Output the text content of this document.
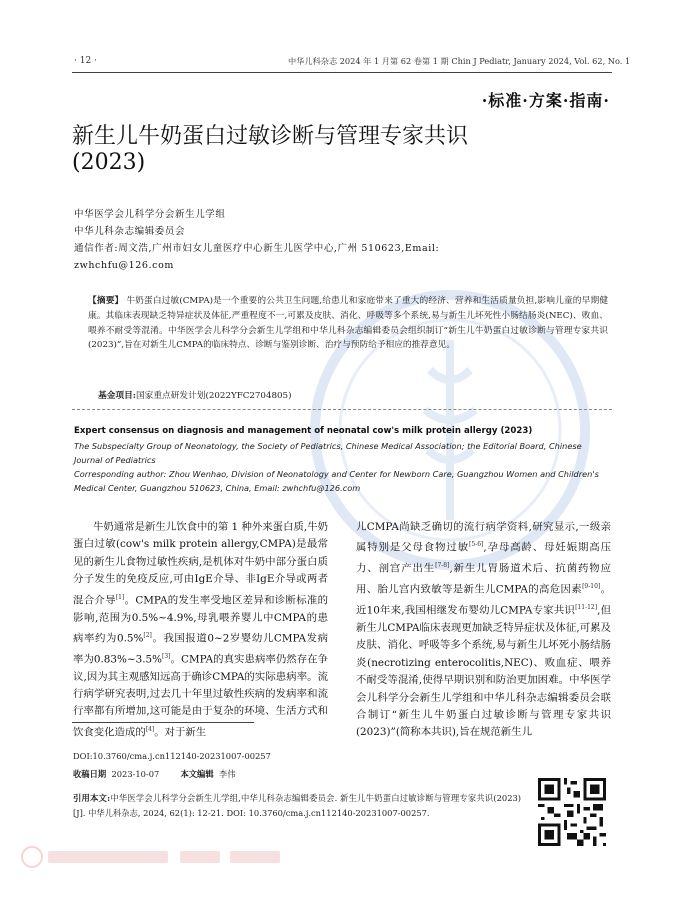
· 12 ·	中华儿科杂志 2024 年 1 月第 62 卷第 1 期 Chin J Pediatr, January 2024, Vol. 62, No. 1
·标准·方案·指南·
新生儿牛奶蛋白过敏诊断与管理专家共识
(2023)
中华医学会儿科学分会新生儿学组
中华儿科杂志编辑委员会
通信作者:周文浩,广州市妇女儿童医疗中心新生儿医学中心,广州 510623,Email:
zwhchfu@126.com
【摘要】 牛奶蛋白过敏(CMPA)是一个重要的公共卫生问题,给患儿和家庭带来了重大的经济、营养和生活质量负担,影响儿童的早期健康。其临床表现缺乏特异症状及体征,严重程度不一,可累及皮肤、消化、呼吸等多个系统,易与新生儿坏死性小肠结肠炎(NEC)、败血、喂养不耐受等混淆。中华医学会儿科学分会新生儿学组和中华儿科杂志编辑委员会组织制订“新生儿牛奶蛋白过敏诊断与管理专家共识(2023)”,旨在对新生儿CMPA的临床特点、诊断与鉴别诊断、治疗与预防给予相应的推荐意见。
基金项目:国家重点研发计划(2022YFC2704805)
Expert consensus on diagnosis and management of neonatal cow's milk protein allergy (2023)
The Subspecialty Group of Neonatology, the Society of Pediatrics, Chinese Medical Association; the Editorial Board, Chinese Journal of Pediatrics
Corresponding author: Zhou Wenhao, Division of Neonatology and Center for Newborn Care, Guangzhou Women and Children's Medical Center, Guangzhou 510623, China, Email: zwhchfu@126.com
牛奶通常是新生儿饮食中的第 1 种外来蛋白质,牛奶蛋白过敏(cow's milk protein allergy,CMPA)是最常见的新生儿食物过敏性疾病,是机体对牛奶中部分蛋白质分子发生的免疫反应,可由IgE介导、非IgE介导或两者混合介导[1]。CMPA的发生率受地区差异和诊断标准的影响,范围为0.5%~4.9%,母乳喂养婴儿中CMPA的患病率约为0.5%[2]。我国报道0~2岁婴幼儿CMPA发病率为0.83%~3.5%[3]。CMPA的真实患病率仍然存在争议,因为其主观感知远高于确诊CMPA的实际患病率。流行病学研究表明,过去几十年里过敏性疾病的发病率和流行率都有所增加,这可能是由于复杂的环境、生活方式和饮食变化造成的[4]。对于新生
儿CMPA尚缺乏确切的流行病学资料,研究显示,一级亲属特别是父母食物过敏[5-6],孕母高龄、母妊娠期高压力、剖宫产出生[7-8],新生儿胃肠道术后、抗菌药物应用、胎儿宫内致敏等是新生儿CMPA的高危因素[9-10]。近10年来,我国相继发布婴幼儿CMPA专家共识[11-12],但新生儿CMPA临床表现更加缺乏特异症状及体征,可累及皮肤、消化、呼吸等多个系统,易与新生儿坏死小肠结肠炎(necrotizing enterocolitis,NEC)、败血症、喂养不耐受等混淆,使得早期识别和防治更加困难。中华医学会儿科学分会新生儿学组和中华儿科杂志编辑委员会联合制订“新生儿牛奶蛋白过敏诊断与管理专家共识(2023)”(简称本共识),旨在规范新生儿
DOI:10.3760/cma.j.cn112140-20231007-00257
收稿日期 2023-10-07	本文编辑 李伟
引用本文:中华医学会儿科学分会新生儿学组,中华儿科杂志编辑委员会. 新生儿牛奶蛋白过敏诊断与管理专家共识(2023)[J]. 中华儿科杂志, 2024, 62(1): 12-21. DOI: 10.3760/cma.j.cn112140-20231007-00257.
